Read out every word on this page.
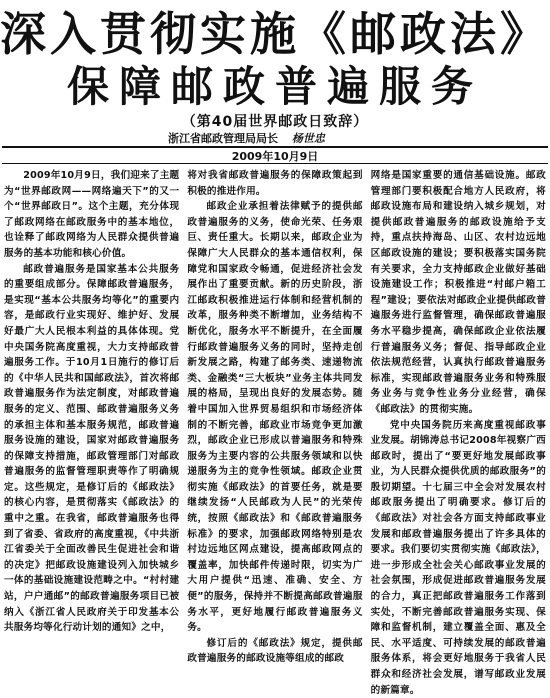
深入贯彻实施《邮政法》
保障邮政普遍服务
（第40届世界邮政日致辞）
浙江省邮政管理局局长 杨世忠
2009年10月9日

2009年10月9日，我们迎来了主题为“世界邮政网——网络遍天下”的又一个“世界邮政日”。这个主题，充分体现了邮政网络在邮政服务中的基本地位，也诠释了邮政网络为人民群众提供普遍服务的基本功能和核心价值。

邮政普遍服务是国家基本公共服务的重要组成部分。保障邮政普遍服务，是实现“基本公共服务均等化”的重要内容，是邮政行业实现好、维护好、发展好最广大人民根本利益的具体体现。党中央国务院高度重视，大力支持邮政普遍服务工作。于10月1日施行的修订后的《中华人民共和国邮政法》，首次将邮政普遍服务作为法定制度，对邮政普遍服务的定义、范围、邮政普遍服务义务的承担主体和基本服务规范，邮政普遍服务设施的建设，国家对邮政普遍服务的保障支持措施，邮政管理部门对邮政普遍服务的监督管理职责等作了明确规定。这些规定，是修订后的《邮政法》的核心内容，是贯彻落实《邮政法》的重中之重。在我省，邮政普遍服务也得到了省委、省政府的高度重视，《中共浙江省委关于全面改善民生促进社会和谐的决定》把邮政设施建设列入加快城乡一体的基础设施建设范畴之中。“村村建站，户户通邮”的邮政普遍服务项目已被纳入《浙江省人民政府关于印发基本公共服务均等化行动计划的通知》之中，

将对我省邮政普遍服务的保障政策起到积极的推进作用。

邮政企业承担着法律赋予的提供邮政普遍服务的义务，使命光荣、任务艰巨、责任重大。长期以来，邮政企业为保障广大人民群众的基本通信权利，保障党和国家政令畅通，促进经济社会发展作出了重要贡献。新的历史阶段，浙江邮政积极推进运行体制和经营机制的改革，服务种类不断增加，业务结构不断优化，服务水平不断提升，在全面履行邮政普遍服务义务的同时，坚持走创新发展之路，构建了邮务类、速递物流类、金融类“三大板块”业务主体共同发展的格局，呈现出良好的发展态势。随着中国加入世界贸易组织和市场经济体制的不断完善，邮政业市场竞争更加激烈，邮政企业已形成以普遍服务和特殊服务为主要内容的公共服务领域和以快递服务为主的竞争性领域。邮政企业贯彻实施《邮政法》的首要任务，就是要继续发扬“人民邮政为人民”的光荣传统，按照《邮政法》和《邮政普遍服务标准》的要求，加强邮政网络特别是农村边远地区网点建设，提高邮政网点的覆盖率，加快邮件传递时限，切实为广大用户提供“迅速、准确、安全、方便”的服务，保持并不断提高邮政普遍服务水平，更好地履行邮政普遍服务义务。

修订后的《邮政法》规定，提供邮政普遍服务的邮政设施等组成的邮政

网络是国家重要的通信基础设施。邮政管理部门要积极配合地方人民政府，将邮政设施布局和建设纳入城乡规划，对提供邮政普遍服务的邮政设施给予支持，重点扶持海岛、山区、农村边远地区邮政设施的建设；要积极落实国务院有关要求，全力支持邮政企业做好基础设施建设工作；积极推进“村邮户箱工程”建设；要依法对邮政企业提供邮政普遍服务进行监督管理，确保邮政普遍服务水平稳步提高，确保邮政企业依法履行普遍服务义务；督促、指导邮政企业依法规范经营，认真执行邮政普遍服务标准，实现邮政普遍服务业务和特殊服务业务与竞争性业务分业经营，确保《邮政法》的贯彻实施。

党中央国务院历来高度重视邮政事业发展。胡锦涛总书记2008年视察广西邮政时，提出了“要更好地发展邮政事业，为人民群众提供优质的邮政服务”的殷切期望。十七届三中全会对发展农村邮政服务提出了明确要求。修订后的《邮政法》对社会各方面支持邮政事业发展和邮政普遍服务提出了许多具体的要求。我们要切实贯彻实施《邮政法》，进一步形成全社会关心邮政事业发展的社会氛围，形成促进邮政普遍服务发展的合力，真正把邮政普遍服务工作落到实处，不断完善邮政普遍服务实现、保障和监督机制，建立覆盖全面、惠及全民、水平适度、可持续发展的邮政普遍服务体系，将会更好地服务于我省人民群众和经济社会发展，谱写邮政业发展的新篇章。
